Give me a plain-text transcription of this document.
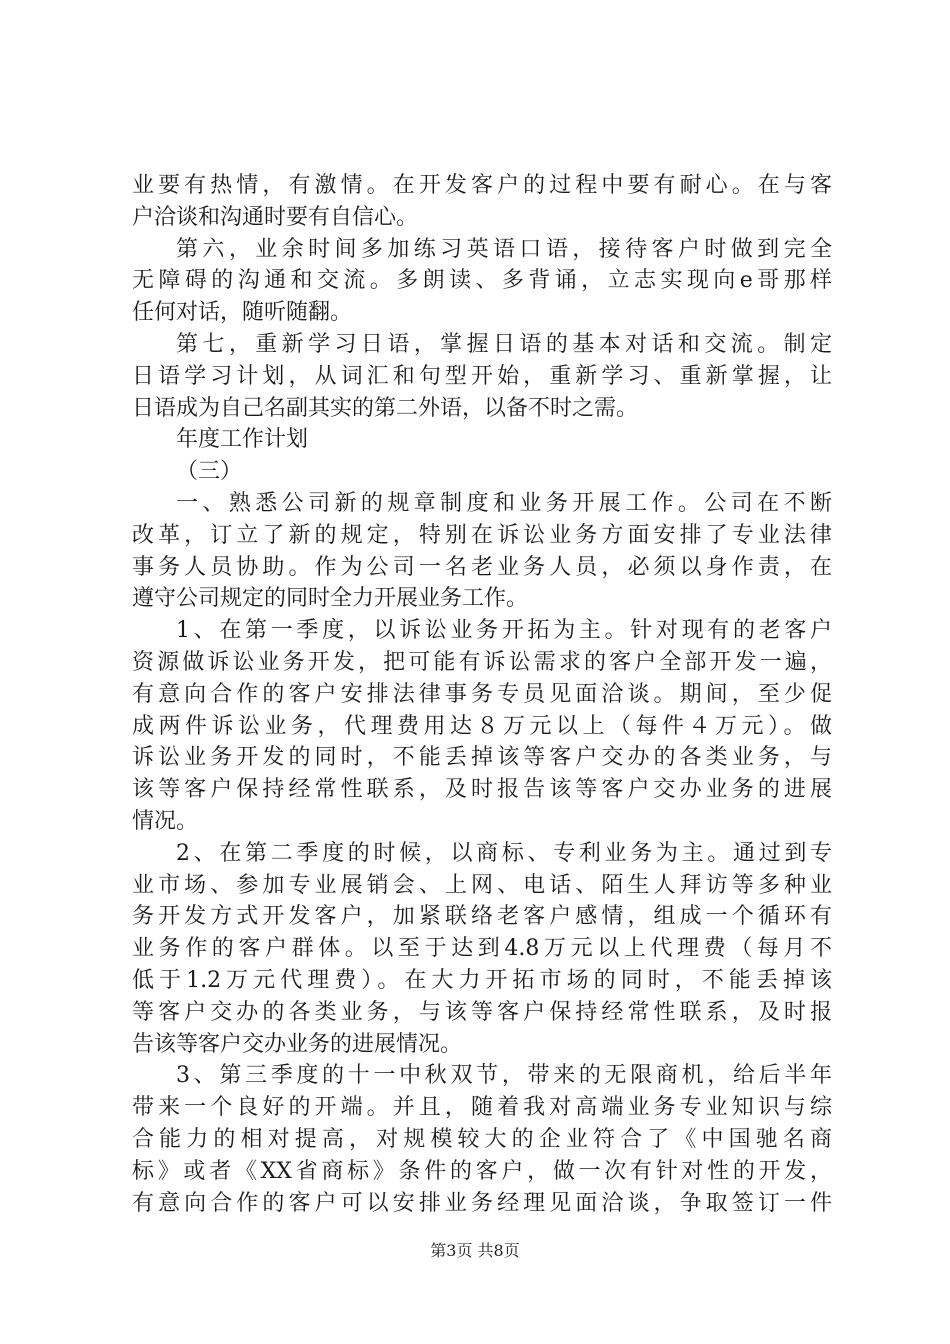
业要有热情，有激情。在开发客户的过程中要有耐心。在与客
户洽谈和沟通时要有自信心。
第六，业余时间多加练习英语口语，接待客户时做到完全
无障碍的沟通和交流。多朗读、多背诵，立志实现向e哥那样
任何对话，随听随翻。
第七，重新学习日语，掌握日语的基本对话和交流。制定
日语学习计划，从词汇和句型开始，重新学习、重新掌握，让
日语成为自己名副其实的第二外语，以备不时之需。
年度工作计划
（三）
一、熟悉公司新的规章制度和业务开展工作。公司在不断
改革，订立了新的规定，特别在诉讼业务方面安排了专业法律
事务人员协助。作为公司一名老业务人员，必须以身作责，在
遵守公司规定的同时全力开展业务工作。
1、在第一季度，以诉讼业务开拓为主。针对现有的老客户
资源做诉讼业务开发，把可能有诉讼需求的客户全部开发一遍，
有意向合作的客户安排法律事务专员见面洽谈。期间，至少促
成两件诉讼业务，代理费用达８万元以上（每件４万元）。做
诉讼业务开发的同时，不能丢掉该等客户交办的各类业务，与
该等客户保持经常性联系，及时报告该等客户交办业务的进展
情况。
2、在第二季度的时候，以商标、专利业务为主。通过到专
业市场、参加专业展销会、上网、电话、陌生人拜访等多种业
务开发方式开发客户，加紧联络老客户感情，组成一个循环有
业务作的客户群体。以至于达到4.8万元以上代理费（每月不
低于1.2万元代理费）。在大力开拓市场的同时，不能丢掉该
等客户交办的各类业务，与该等客户保持经常性联系，及时报
告该等客户交办业务的进展情况。
3、第三季度的十一中秋双节，带来的无限商机，给后半年
带来一个良好的开端。并且，随着我对高端业务专业知识与综
合能力的相对提高，对规模较大的企业符合了《中国驰名商
标》或者《XX省商标》条件的客户，做一次有针对性的开发，
有意向合作的客户可以安排业务经理见面洽谈，争取签订一件
第3页 共8页
